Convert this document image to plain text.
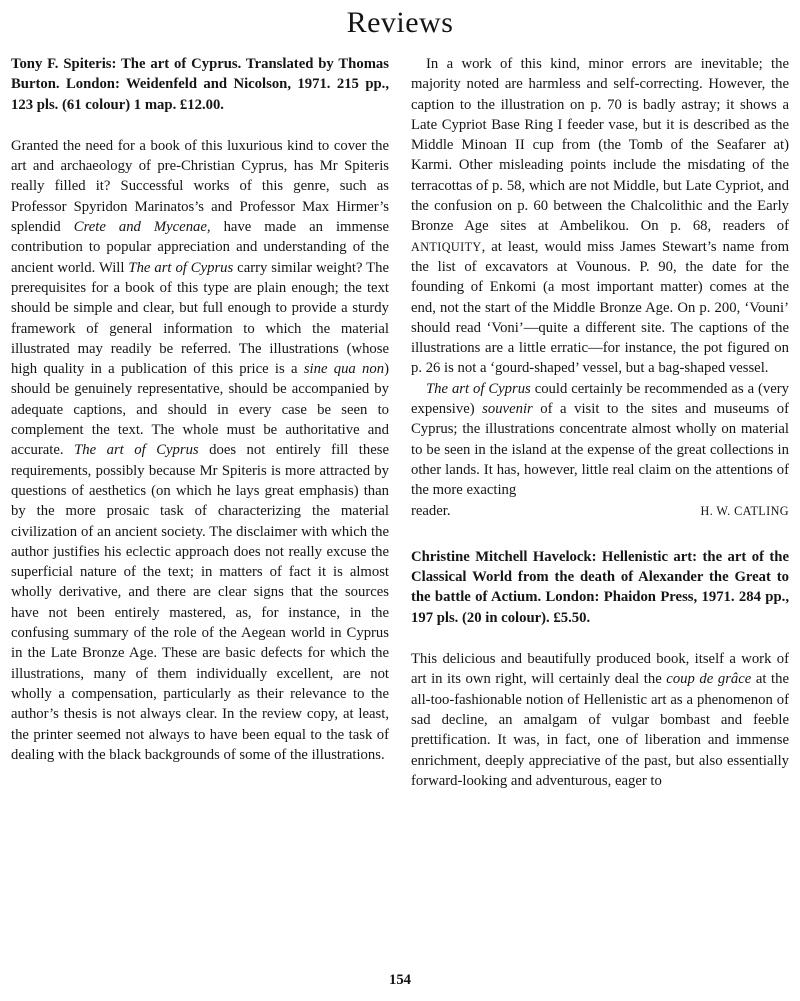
Reviews

Tony F. Spiteris: The art of Cyprus. Translated by Thomas Burton. London: Weidenfeld and Nicolson, 1971. 215 pp., 123 pls. (61 colour) 1 map. £12.00.

Granted the need for a book of this luxurious kind to cover the art and archaeology of pre-Christian Cyprus, has Mr Spiteris really filled it? Successful works of this genre, such as Professor Spyridon Marinatos’s and Professor Max Hirmer’s splendid Crete and Mycenae, have made an immense contribution to popular appreciation and understanding of the ancient world. Will The art of Cyprus carry similar weight? The prerequisites for a book of this type are plain enough; the text should be simple and clear, but full enough to provide a sturdy framework of general information to which the material illustrated may readily be referred. The illustrations (whose high quality in a publication of this price is a sine qua non) should be genuinely representative, should be accompanied by adequate captions, and should in every case be seen to complement the text. The whole must be authoritative and accurate. The art of Cyprus does not entirely fill these requirements, possibly because Mr Spiteris is more attracted by questions of aesthetics (on which he lays great emphasis) than by the more prosaic task of characterizing the material civilization of an ancient society. The disclaimer with which the author justifies his eclectic approach does not really excuse the superficial nature of the text; in matters of fact it is almost wholly derivative, and there are clear signs that the sources have not been entirely mastered, as, for instance, in the confusing summary of the role of the Aegean world in Cyprus in the Late Bronze Age. These are basic defects for which the illustrations, many of them individually excellent, are not wholly a compensation, particularly as their relevance to the author’s thesis is not always clear. In the review copy, at least, the printer seemed not always to have been equal to the task of dealing with the black backgrounds of some of the illustrations.

In a work of this kind, minor errors are inevitable; the majority noted are harmless and self-correcting. However, the caption to the illustration on p. 70 is badly astray; it shows a Late Cypriot Base Ring I feeder vase, but it is described as the Middle Minoan II cup from (the Tomb of the Seafarer at) Karmi. Other misleading points include the misdating of the terracottas of p. 58, which are not Middle, but Late Cypriot, and the confusion on p. 60 between the Chalcolithic and the Early Bronze Age sites at Ambelikou. On p. 68, readers of ANTIQUITY, at least, would miss James Stewart’s name from the list of excavators at Vounous. P. 90, the date for the founding of Enkomi (a most important matter) comes at the end, not the start of the Middle Bronze Age. On p. 200, ‘Vouni’ should read ‘Voni’—quite a different site. The captions of the illustrations are a little erratic—for instance, the pot figured on p. 26 is not a ‘gourd-shaped’ vessel, but a bag-shaped vessel.

The art of Cyprus could certainly be recommended as a (very expensive) souvenir of a visit to the sites and museums of Cyprus; the illustrations concentrate almost wholly on material to be seen in the island at the expense of the great collections in other lands. It has, however, little real claim on the attentions of the more exacting

reader.	H. W. CATLING

Christine Mitchell Havelock: Hellenistic art: the art of the Classical World from the death of Alexander the Great to the battle of Actium. London: Phaidon Press, 1971. 284 pp., 197 pls. (20 in colour). £5.50.

This delicious and beautifully produced book, itself a work of art in its own right, will certainly deal the coup de grâce at the all-too-fashionable notion of Hellenistic art as a phenomenon of sad decline, an amalgam of vulgar bombast and feeble prettification. It was, in fact, one of liberation and immense enrichment, deeply appreciative of the past, but also essentially forward-looking and adventurous, eager to

154
